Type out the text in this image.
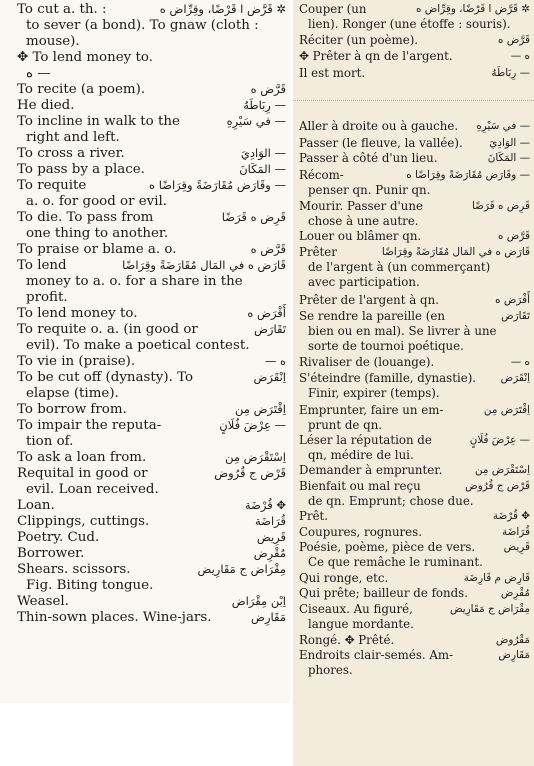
✲ قَرَّض ا قَرْضًا، وقِرِّاض ه
To cut a. th. :

to sever (a bond). To gnaw (cloth :
mouse).
✥ To lend money to.

ه —
قَرَّض ه
To recite (a poem).

— رِبَاطَهُ
He died.

— في سَيْرِهِ
To incline in walk to the

right and left.
— الوَادِيَ
To cross a river.

— المَكَانَ
To pass by a place.

— وقَارَض مُقَارَضَةً وقِرَاضًا ه
To requite

a. o. for good or evil.
قَرِض ه قَرَضًا
To die. To pass from

one thing to another.
قَرَّض ه
To praise or blame a. o.

قَارَض ه في المَال مُقَارَضَةً وقِرَاضًا
To lend

money to a. o. for a share in the
profit.
أَقْرَض ه
To lend money to.

تَقَارَض
To requite o. a. (in good or

evil). To make a poetical contest.
ه —
To vie in (praise).

اِنْقَرَض
To be cut off (dynasty). To

elapse (time).
اِقْتَرَض مِن
To borrow from.

— عِرْضَ فُلَانٍ
To impair the reputa-

tion of.
اِسْتَقْرَض مِن
To ask a loan from.

قَرْض ج قُرُوض
Requital in good or

evil. Loan received.
✥ قُرْضَة
Loan.

قُرَاضَة
Clippings, cuttings.

قَرِيض
Poetry. Cud.

مُقْرِض
Borrower.

مِقْرَاض ج مَقَارِيض
Shears. scissors.

Fig. Biting tongue.
اِبْن مِقْرَاض
Weasel.

مَقَارِض
Thin-sown places. Wine-jars.

✲ قَرَّض ا قَرْضًا، وقِرِّاض ه
Couper (un

lien). Ronger (une étoffe : souris).
قَرَّض ه
Réciter (un poème).

ه —
✥ Prêter à qn de l'argent.

— رِبَاطَهُ
Il est mort.

— في سَيْرِهِ
Aller à droite ou à gauche.

— الوَادِيَ
Passer (le fleuve, la vallée).

— المَكَانَ
Passer à côté d'un lieu.

— وقَارَض مُقَارَضَةً وقِرَاضًا ه
Récom-

penser qn. Punir qn.
قَرِض ه قَرَضًا
Mourir. Passer d'une

chose à une autre.
قَرَّض ه
Louer ou blâmer qn.

قَارَض ه في المَال مُقَارَضَةً وقِرَاضًا
Prêter

de l'argent à (un commerçant)
avec participation.
أَقْرَض ه
Prêter de l'argent à qn.

تَقَارَض
Se rendre la pareille (en

bien ou en mal). Se livrer à une
sorte de tournoi poétique.
ه —
Rivaliser de (louange).

اِنْقَرَض
S'éteindre (famille, dynastie).

Finir, expirer (temps).
اِقْتَرَض مِن
Emprunter, faire un em-

prunt de qn.
— عِرْضَ فُلَانٍ
Léser la réputation de

qn, médire de lui.
اِسْتَقْرَض مِن
Demander à emprunter.

قَرْض ج قُرُوض
Bienfait ou mal reçu

de qn. Emprunt; chose due.
✥ قُرْضَة
Prêt.

قُرَاضَة
Coupures, rognures.

قَرِيض
Poésie, poème, pièce de vers.

Ce que remâche le ruminant.
قَارِض م قَارِضَة
Qui ronge, etc.

مُقْرِض
Qui prête; bailleur de fonds.

مِقْرَاض ج مَقَارِيض
Ciseaux. Au figuré,

langue mordante.
مَقْرُوض
Rongé. ✥ Prêté.

مَقَارِض
Endroits clair-semés. Am-

phores.
